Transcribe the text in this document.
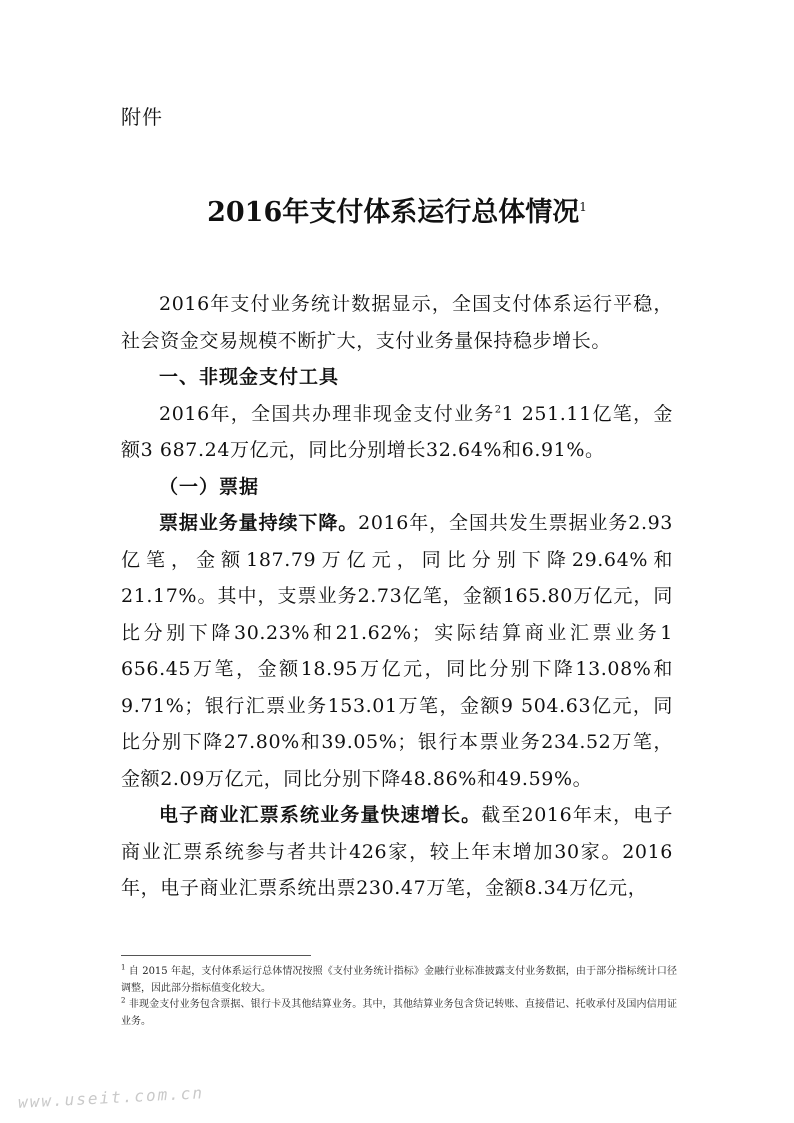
附件
2016年支付体系运行总体情况$^1$

2016年支付业务统计数据显示，全国支付体系运行平稳，社会资金交易规模不断扩大，支付业务量保持稳步增长。

一、非现金支付工具

2016年，全国共办理非现金支付业务$^2$1 251.11亿笔，金额3 687.24万亿元，同比分别增长32.64%和6.91%。

（一）票据

票据业务量持续下降。2016年，全国共发生票据业务2.93亿笔，金额187.79万亿元，同比分别下降29.64%和21.17%。其中，支票业务2.73亿笔，金额165.80万亿元，同比分别下降30.23%和21.62%；实际结算商业汇票业务1 656.45万笔，金额18.95万亿元，同比分别下降13.08%和9.71%；银行汇票业务153.01万笔，金额9 504.63亿元，同比分别下降27.80%和39.05%；银行本票业务234.52万笔，金额2.09万亿元，同比分别下降48.86%和49.59%。

电子商业汇票系统业务量快速增长。截至2016年末，电子商业汇票系统参与者共计426家，较上年末增加30家。2016年，电子商业汇票系统出票230.47万笔，金额8.34万亿元，

$^1$ 自 2015 年起，支付体系运行总体情况按照《支付业务统计指标》金融行业标准披露支付业务数据，由于部分指标统计口径调整，因此部分指标值变化较大。
$^2$ 非现金支付业务包含票据、银行卡及其他结算业务。其中，其他结算业务包含贷记转账、直接借记、托收承付及国内信用证业务。
www.useit.com.cn
